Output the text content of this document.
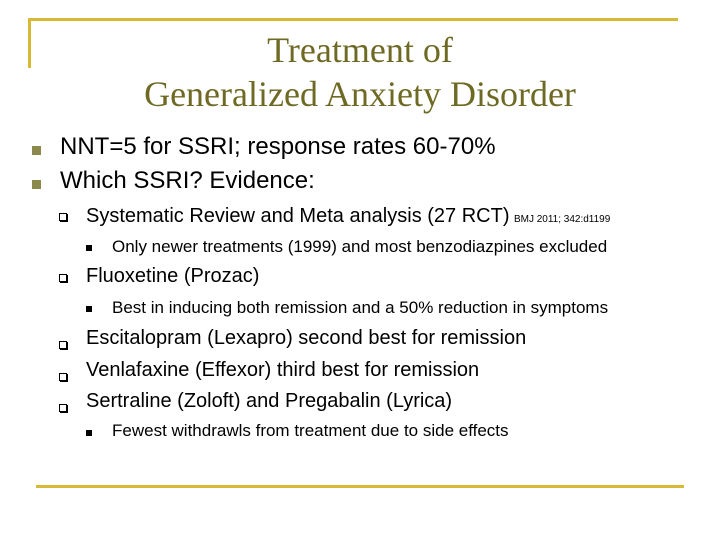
Treatment of
Generalized Anxiety Disorder
NNT=5 for SSRI; response rates 60-70%
Which SSRI? Evidence:
Systematic Review and Meta analysis (27 RCT) BMJ 2011; 342:d1199
Only newer treatments (1999) and most benzodiazpines excluded
Fluoxetine (Prozac)
Best in inducing both remission and a 50% reduction in symptoms
Escitalopram (Lexapro) second best for remission
Venlafaxine (Effexor) third best for remission
Sertraline (Zoloft) and Pregabalin (Lyrica)
Fewest withdrawls from treatment due to side effects
